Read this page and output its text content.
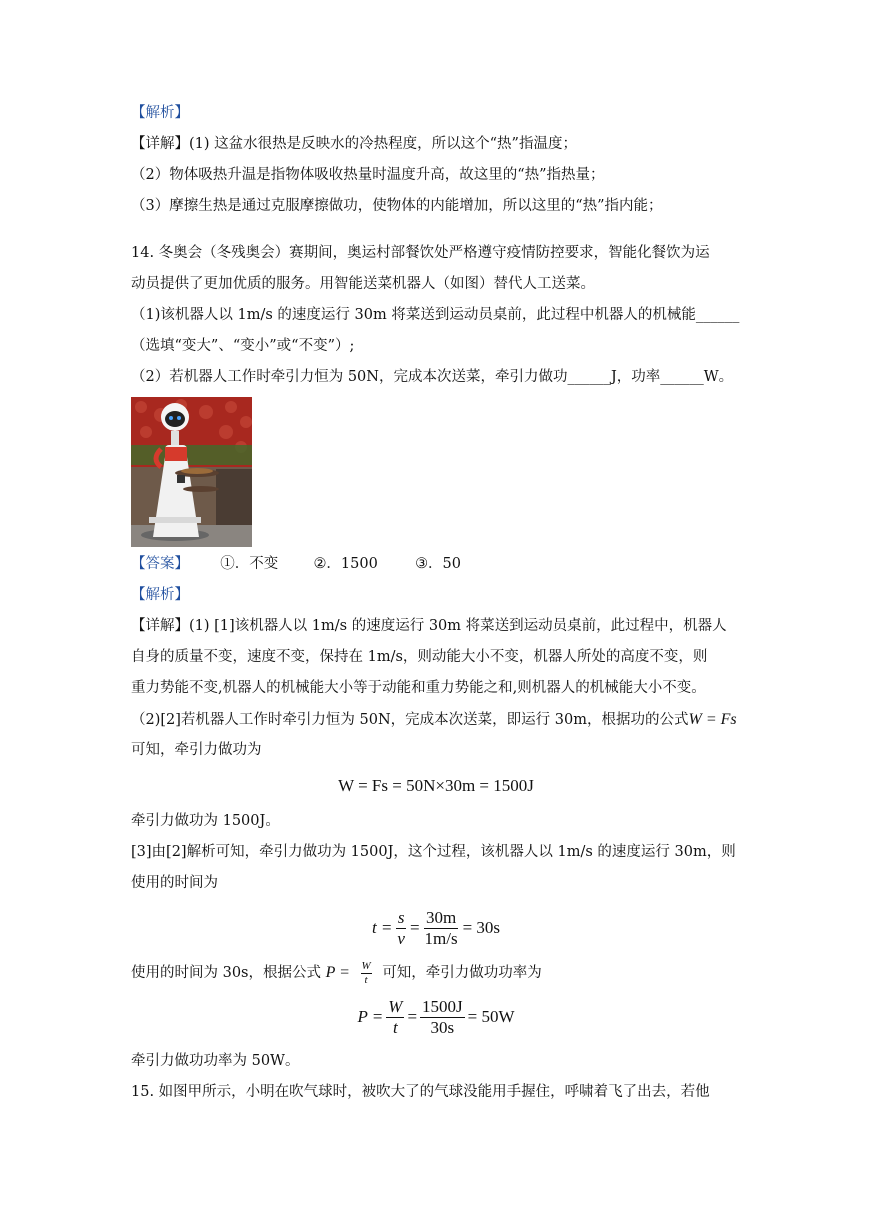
【解析】
【详解】(1) 这盆水很热是反映水的冷热程度，所以这个“热”指温度；
（2）物体吸热升温是指物体吸收热量时温度升高，故这里的“热”指热量；
（3）摩擦生热是通过克服摩擦做功，使物体的内能增加，所以这里的“热”指内能；
14. 冬奥会（冬残奥会）赛期间，奥运村部餐饮处严格遵守疫情防控要求，智能化餐饮为运
动员提供了更加优质的服务。用智能送菜机器人（如图）替代人工送菜。
（1)该机器人以 1m/s 的速度运行 30m 将菜送到运动员桌前，此过程中机器人的机械能______
（选填“变大”、“变小”或“不变”）;
（2）若机器人工作时牵引力恒为 50N，完成本次送菜，牵引力做功______J，功率______W。
【答案】 ①．不变 ②．1500	③．50
【解析】
【详解】(1) [1]该机器人以 1m/s 的速度运行 30m 将菜送到运动员桌前，此过程中，机器人
自身的质量不变，速度不变，保持在 1m/s，则动能大小不变，机器人所处的高度不变，则
重力势能不变,机器人的机械能大小等于动能和重力势能之和,则机器人的机械能大小不变。
（2)[2]若机器人工作时牵引力恒为 50N，完成本次送菜，即运行 30m，根据功的公式W = Fs
可知，牵引力做功为
W = Fs = 50N×30m = 1500J
牵引力做功为 1500J。
[3]由[2]解析可知，牵引力做功为 1500J，这个过程，该机器人以 1m/s 的速度运行 30m，则
使用的时间为
$t = \frac{s}{v} = \frac{30m}{1m/s} = 30s$
使用的时间为 30s，根据公式 $P = \frac{W}{t}$ 可知，牵引力做功功率为
$P = \frac{W}{t} = \frac{1500J}{30s} = 50W$
牵引力做功功率为 50W。
15. 如图甲所示，小明在吹气球时，被吹大了的气球没能用手握住，呼啸着飞了出去，若他
